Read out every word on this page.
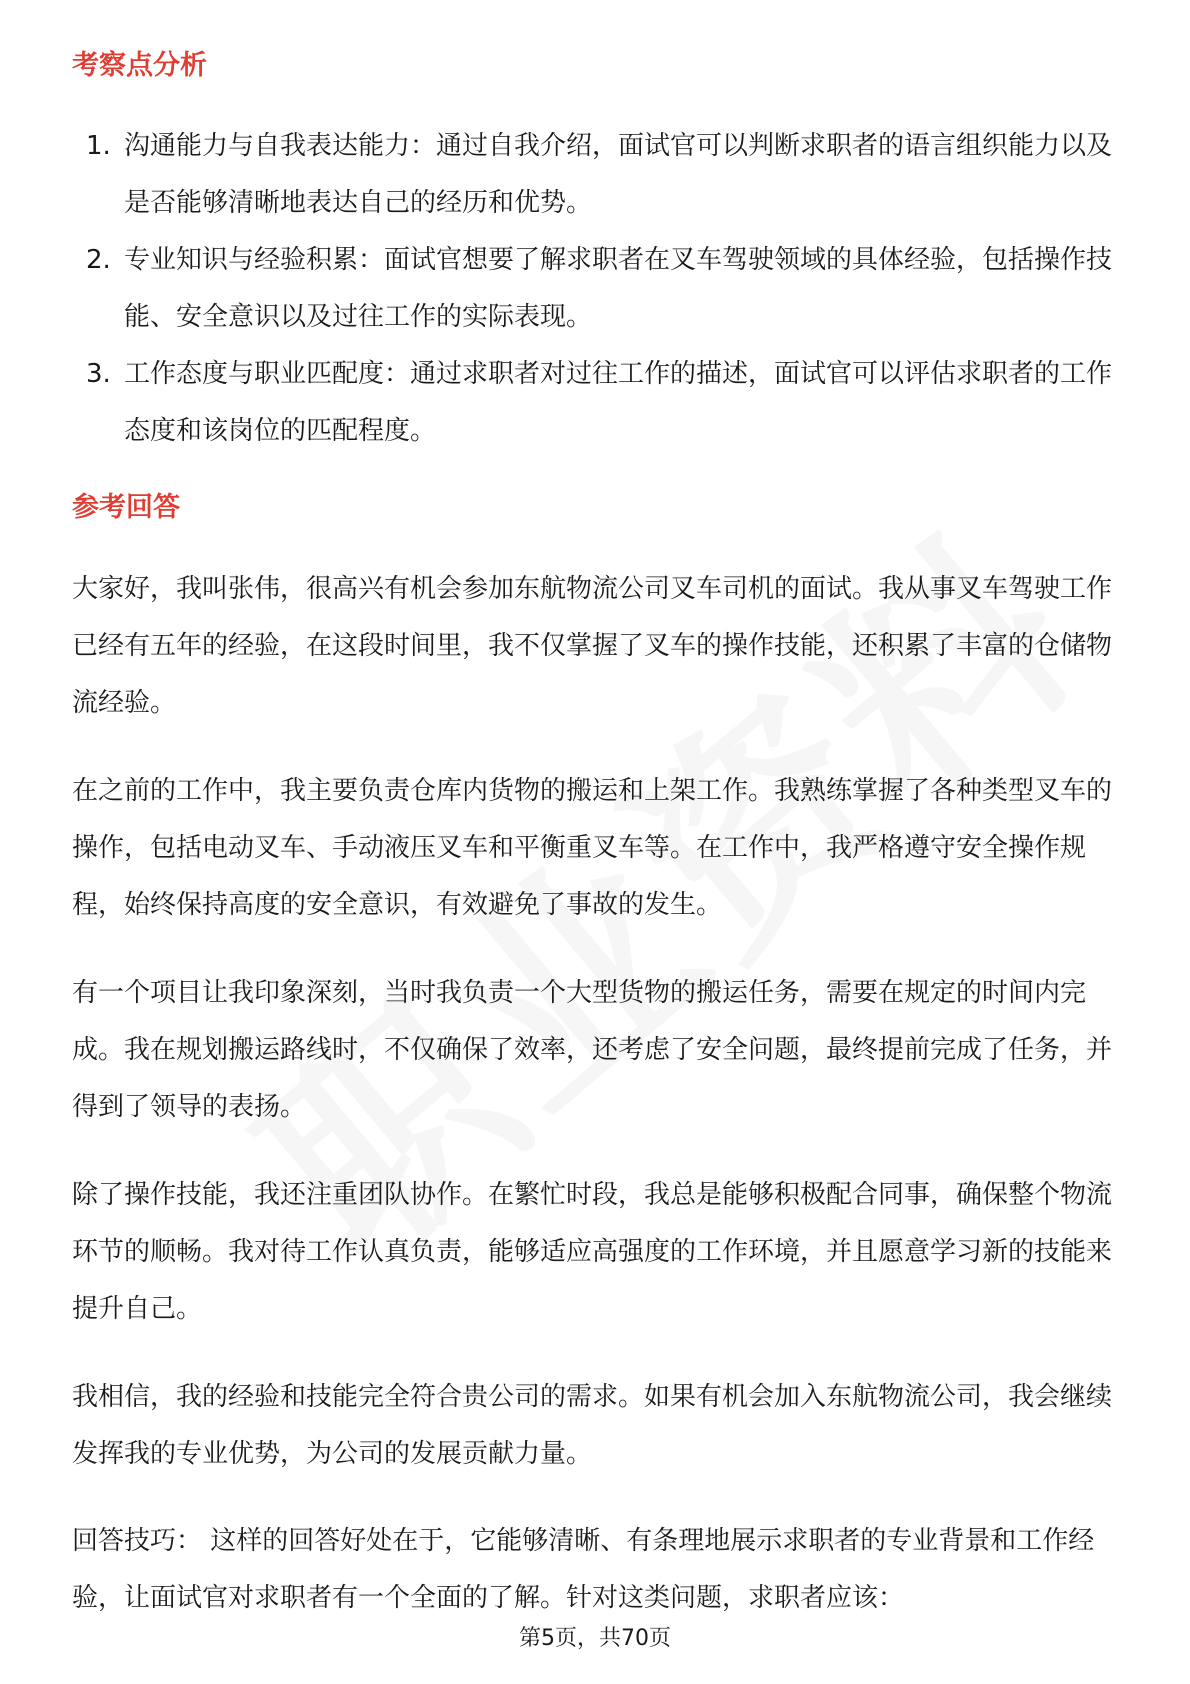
考察点分析
1. 沟通能力与自我表达能力：通过自我介绍，面试官可以判断求职者的语言组织能力以及是否能够清晰地表达自己的经历和优势。
2. 专业知识与经验积累：面试官想要了解求职者在叉车驾驶领域的具体经验，包括操作技能、安全意识以及过往工作的实际表现。
3. 工作态度与职业匹配度：通过求职者对过往工作的描述，面试官可以评估求职者的工作态度和该岗位的匹配程度。
参考回答

大家好，我叫张伟，很高兴有机会参加东航物流公司叉车司机的面试。我从事叉车驾驶工作已经有五年的经验，在这段时间里，我不仅掌握了叉车的操作技能，还积累了丰富的仓储物流经验。

在之前的工作中，我主要负责仓库内货物的搬运和上架工作。我熟练掌握了各种类型叉车的操作，包括电动叉车、手动液压叉车和平衡重叉车等。在工作中，我严格遵守安全操作规程，始终保持高度的安全意识，有效避免了事故的发生。

有一个项目让我印象深刻，当时我负责一个大型货物的搬运任务，需要在规定的时间内完成。我在规划搬运路线时，不仅确保了效率，还考虑了安全问题，最终提前完成了任务，并得到了领导的表扬。

除了操作技能，我还注重团队协作。在繁忙时段，我总是能够积极配合同事，确保整个物流环节的顺畅。我对待工作认真负责，能够适应高强度的工作环境，并且愿意学习新的技能来提升自己。

我相信，我的经验和技能完全符合贵公司的需求。如果有机会加入东航物流公司，我会继续发挥我的专业优势，为公司的发展贡献力量。

回答技巧： 这样的回答好处在于，它能够清晰、有条理地展示求职者的专业背景和工作经验，让面试官对求职者有一个全面的了解。针对这类问题，求职者应该：

第5页，共70页
